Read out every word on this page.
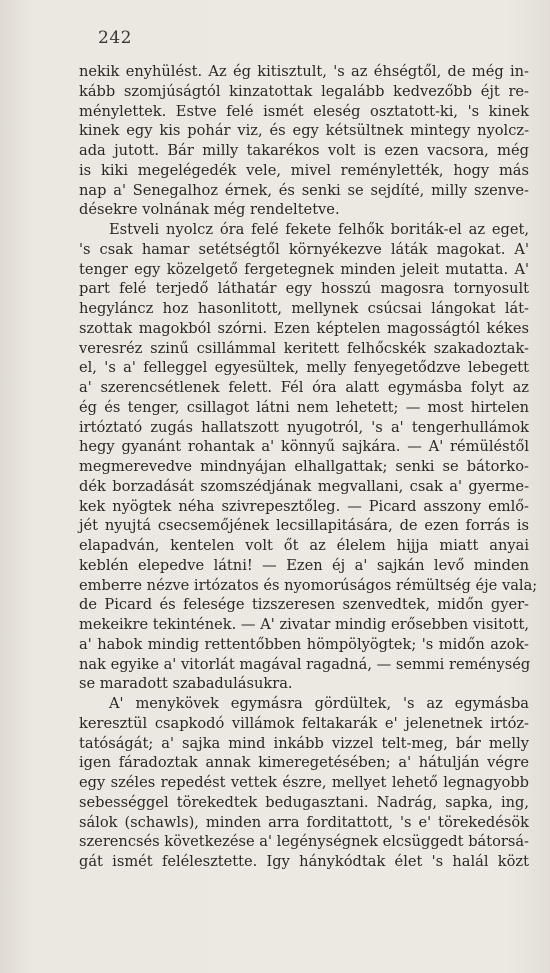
242
nekik enyhülést. Az ég kitisztult, 's az éhségtől, de még in-
kább szomjúságtól kinzatottak legalább kedvezőbb éjt re-
ménylettek. Estve felé ismét eleség osztatott-ki, 's kinek
kinek egy kis pohár viz, és egy kétsültnek mintegy nyolcz-
ada jutott. Bár milly takarékos volt is ezen vacsora, még
is kiki megelégedék vele, mivel reménylették, hogy más
nap a' Senegalhoz érnek, és senki se sejdíté, milly szenve-
désekre volnának még rendeltetve.
Estveli nyolcz óra felé fekete felhők boriták-el az eget,
's csak hamar setétségtől környékezve láták magokat. A'
tenger egy közelgető fergetegnek minden jeleit mutatta. A'
part felé terjedő láthatár egy hosszú magosra tornyosult
hegyláncz hoz hasonlitott, mellynek csúcsai lángokat lát-
szottak magokból szórni. Ezen képtelen magosságtól kékes
veresréz szinű csillámmal keritett felhőcskék szakadoztak-
el, 's a' felleggel egyesültek, melly fenyegetődzve lebegett
a' szerencsétlenek felett. Fél óra alatt egymásba folyt az
ég és tenger, csillagot látni nem lehetett; — most hirtelen
irtóztató zugás hallatszott nyugotról, 's a' tengerhullámok
hegy gyanánt rohantak a' könnyű sajkára. — A' rémüléstől
megmerevedve mindnyájan elhallgattak; senki se bátorko-
dék borzadását szomszédjának megvallani, csak a' gyerme-
kek nyögtek néha szivrepesztőleg. — Picard asszony emlő-
jét nyujtá csecsemőjének lecsillapitására, de ezen forrás is
elapadván, kentelen volt őt az élelem hijja miatt anyai
keblén elepedve látni! — Ezen éj a' sajkán levő minden
emberre nézve irtózatos és nyomorúságos rémültség éje vala;
de Picard és felesége tizszeresen szenvedtek, midőn gyer-
mekeikre tekintének. — A' zivatar mindig erősebben visitott,
a' habok mindig rettentőbben hömpölyögtek; 's midőn azok-
nak egyike a' vitorlát magával ragadná, — semmi reménység
se maradott szabadulásukra.
A' menykövek egymásra gördültek, 's az egymásba
keresztül csapkodó villámok feltakarák e' jelenetnek irtóz-
tatóságát; a' sajka mind inkább vizzel telt-meg, bár melly
igen fáradoztak annak kimeregetésében; a' hátulján végre
egy széles repedést vettek észre, mellyet lehető legnagyobb
sebességgel törekedtek bedugasztani. Nadrág, sapka, ing,
sálok (schawls), minden arra forditattott, 's e' törekedésök
szerencsés következése a' legénységnek elcsüggedt bátorsá-
gát ismét felélesztette. Igy hánykódtak élet 's halál közt
